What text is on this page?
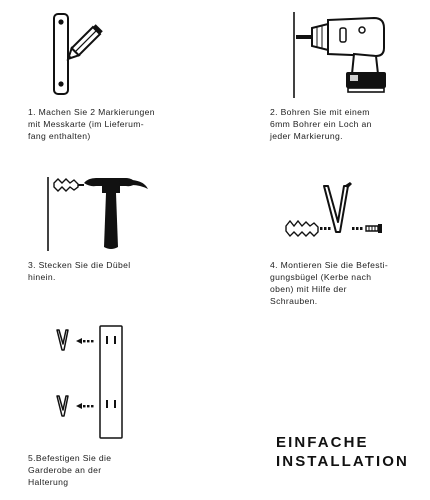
1. Machen Sie 2 Markierungen
mit Messkarte (im Lieferum-
fang enthalten)
2. Bohren Sie mit einem
6mm Bohrer ein Loch an
jeder Markierung.
3. Stecken Sie die Dübel
hinein.
4. Montieren Sie die Befesti-
gungsbügel (Kerbe nach
oben) mit Hilfe der
Schrauben.
5.Befestigen Sie die
Garderobe an der
Halterung
EINFACHE
INSTALLATION
